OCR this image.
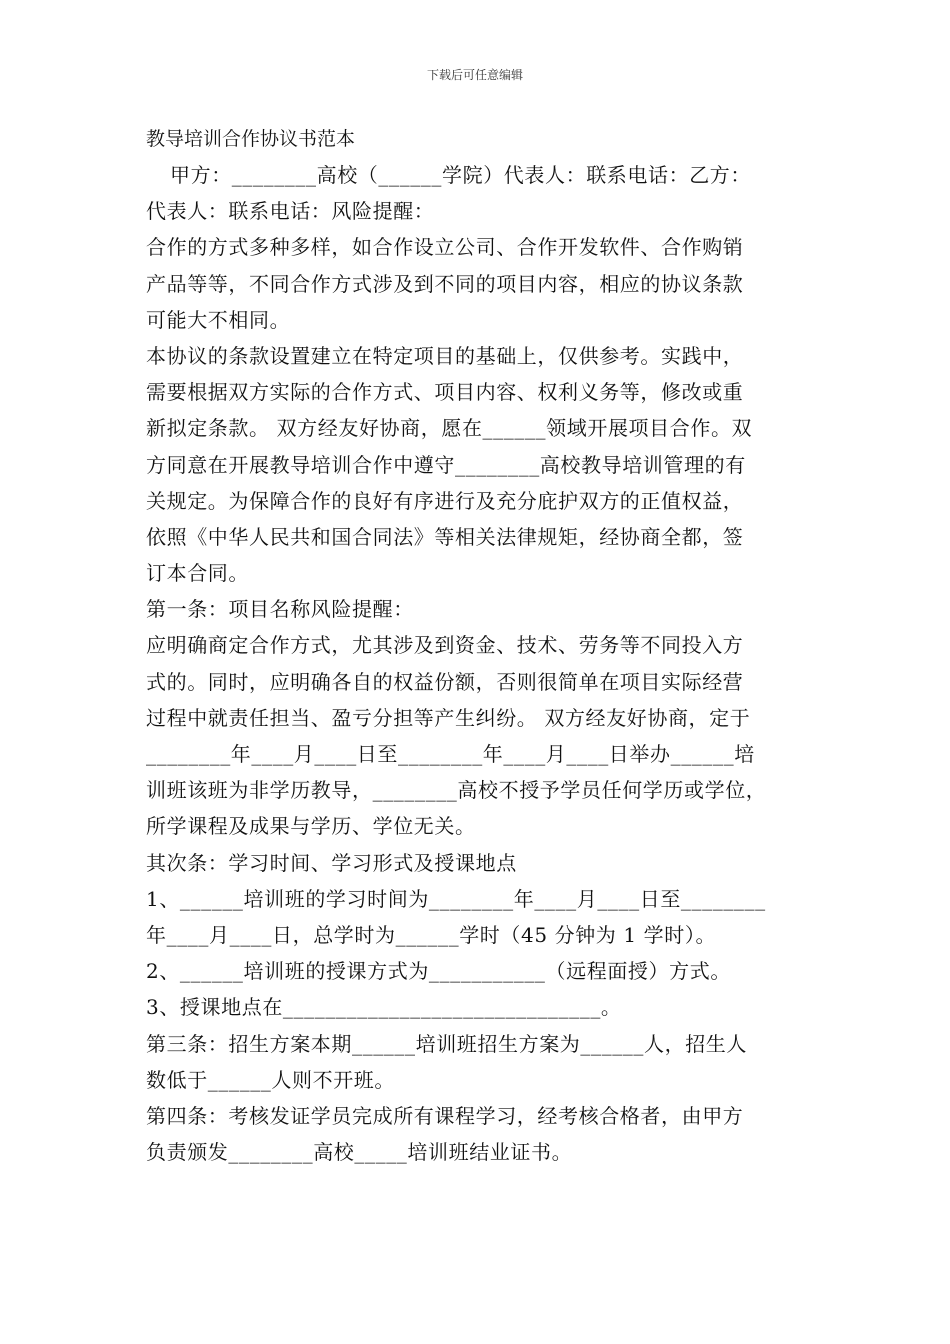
下载后可任意编辑
教导培训合作协议书范本
甲方：________高校（______学院）代表人：联系电话：乙方：
代表人：联系电话：风险提醒：
合作的方式多种多样，如合作设立公司、合作开发软件、合作购销
产品等等，不同合作方式涉及到不同的项目内容，相应的协议条款
可能大不相同。
本协议的条款设置建立在特定项目的基础上，仅供参考。实践中，
需要根据双方实际的合作方式、项目内容、权利义务等，修改或重
新拟定条款。 双方经友好协商，愿在______领域开展项目合作。双
方同意在开展教导培训合作中遵守________高校教导培训管理的有
关规定。为保障合作的良好有序进行及充分庇护双方的正值权益，
依照《中华人民共和国合同法》等相关法律规矩，经协商全都，签
订本合同。
第一条：项目名称风险提醒：
应明确商定合作方式，尤其涉及到资金、技术、劳务等不同投入方
式的。同时，应明确各自的权益份额，否则很简单在项目实际经营
过程中就责任担当、盈亏分担等产生纠纷。 双方经友好协商，定于
________年____月____日至________年____月____日举办______培
训班该班为非学历教导，________高校不授予学员任何学历或学位，
所学课程及成果与学历、学位无关。
其次条：学习时间、学习形式及授课地点
1、______培训班的学习时间为________年____月____日至________
年____月____日，总学时为______学时（45 分钟为 1 学时）。
2、______培训班的授课方式为___________（远程面授）方式。
3、授课地点在______________________________。
第三条：招生方案本期______培训班招生方案为______人，招生人
数低于______人则不开班。
第四条：考核发证学员完成所有课程学习，经考核合格者，由甲方
负责颁发________高校_____培训班结业证书。
